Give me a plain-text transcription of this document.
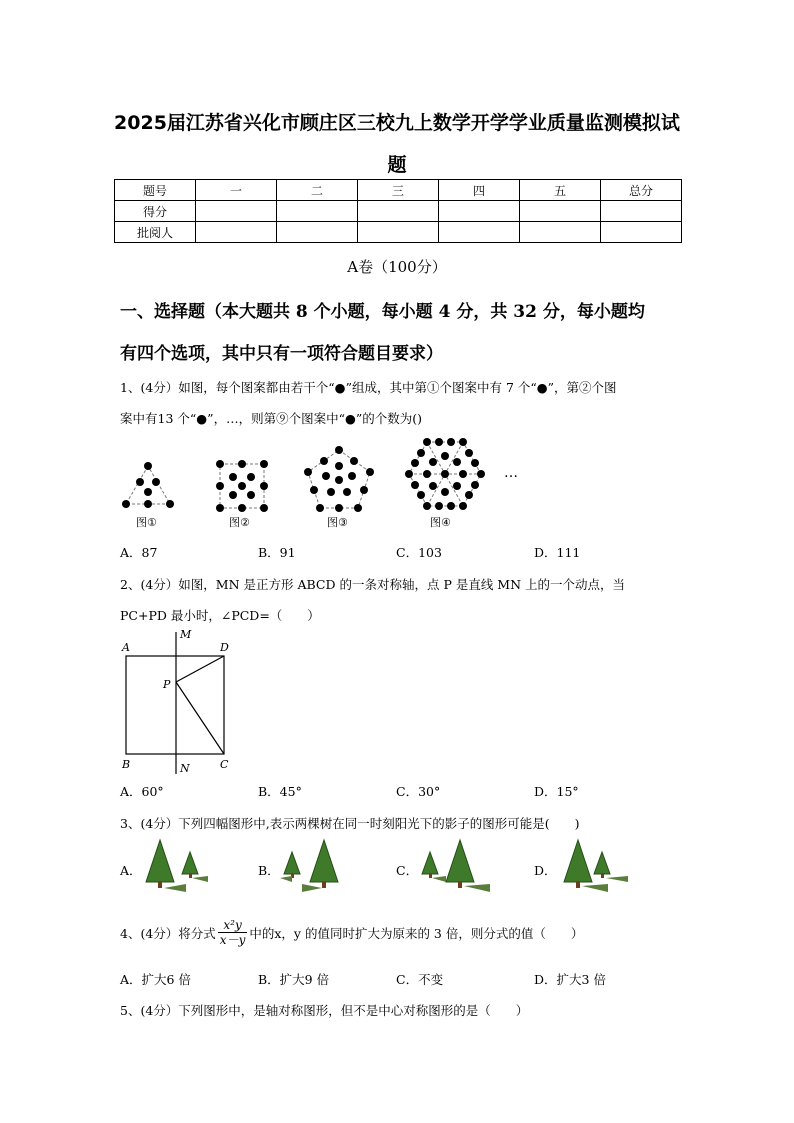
2025届江苏省兴化市顾庄区三校九上数学开学学业质量监测模拟试
题
题号	一	二	三	四	五	总分
得分						
批阅人						
A卷（100分）
一、选择题（本大题共 8 个小题，每小题 4 分，共 32 分，每小题均
有四个选项，其中只有一项符合题目要求）
1、(4分）如图，每个图案都由若干个“●”组成，其中第①个图案中有 7 个“●”，第②个图
案中有13 个“●”，…，则第⑨个图案中“●”的个数为()
…
图①	图②	图③	图④
A．87	B．91	C．103	D．111
2、(4分）如图，MN 是正方形 ABCD 的一条对称轴，点 P 是直线 MN 上的一个动点，当
PC+PD 最小时，∠PCD=（　　）
A
M
D
P
B	N	C
A．60°	B．45°	C．30°	D．15°
3、(4分）下列四幅图形中,表示两棵树在同一时刻阳光下的影子的图形可能是(　　)
A．	B．	C．	D．
4、(4分）将分式 $\frac{\text{x²y}}{x-y}$ 中的x，y 的值同时扩大为原来的 3 倍，则分式的值（　　）
A．扩大6 倍	B．扩大9 倍	C．不变	D．扩大3 倍
5、(4分）下列图形中，是轴对称图形，但不是中心对称图形的是（　　）
